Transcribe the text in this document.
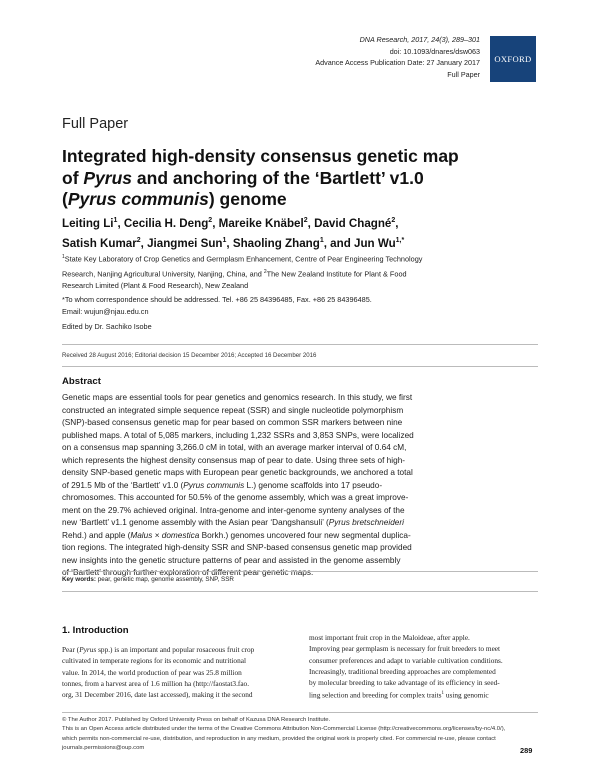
DNA Research, 2017, 24(3), 289–301
doi: 10.1093/dnares/dsw063
Advance Access Publication Date: 27 January 2017
Full Paper
OXFORD
Full Paper
Integrated high-density consensus genetic map
of Pyrus and anchoring of the ‘Bartlett’ v1.0
(Pyrus communis) genome
Leiting Li$^1$, Cecilia H. Deng$^2$, Mareike Knäbel$^2$, David Chagné$^2$,
Satish Kumar$^2$, Jiangmei Sun$^1$, Shaoling Zhang$^1$, and Jun $Wu^{1,*}$
$^1$State Key Laboratory of Crop Genetics and Germplasm Enhancement, Centre of Pear Engineering Technology
Research, Nanjing Agricultural University, Nanjing, China, and $^2$The New Zealand Institute for Plant & Food
Research Limited (Plant & Food Research), New Zealand
*To whom correspondence should be addressed. Tel. +86 25 84396485, Fax. +86 25 84396485.
Email: wujun@njau.edu.cn
Edited by Dr. Sachiko Isobe
Received 28 August 2016; Editorial decision 15 December 2016; Accepted 16 December 2016
Abstract

Genetic maps are essential tools for pear genetics and genomics research. In this study, we first

constructed an integrated simple sequence repeat (SSR) and single nucleotide polymorphism

(SNP)-based consensus genetic map for pear based on common SSR markers between nine

published maps. A total of 5,085 markers, including 1,232 SSRs and 3,853 SNPs, were localized

on a consensus map spanning 3,266.0 cM in total, with an average marker interval of 0.64 cM,

which represents the highest density consensus map of pear to date. Using three sets of high-

density SNP-based genetic maps with European pear genetic backgrounds, we anchored a total

of 291.5 Mb of the ‘Bartlett’ v1.0 (Pyrus communis L.) genome scaffolds into 17 pseudo-

chromosomes. This accounted for 50.5% of the genome assembly, which was a great improve-

ment on the 29.7% achieved original. Intra-genome and inter-genome synteny analyses of the

new ‘Bartlett’ v1.1 genome assembly with the Asian pear ‘Dangshansuli’ (Pyrus bretschneideri

Rehd.) and apple (Malus × domestica Borkh.) genomes uncovered four new segmental duplica-

tion regions. The integrated high-density SSR and SNP-based consensus genetic map provided

new insights into the genetic structure patterns of pear and assisted in the genome assembly

of ‘Bartlett’ through further exploration of different pear genetic maps.

Key words: pear, genetic map, genome assembly, SNP, SSR
1. Introduction

Pear (Pyrus spp.) is an important and popular rosaceous fruit crop

cultivated in temperate regions for its economic and nutritional

value. In 2014, the world production of pear was 25.8 million

tonnes, from a harvest area of 1.6 million ha (http://faostat3.fao.

org, 31 December 2016, date last accessed), making it the second

most important fruit crop in the Maloideae, after apple.

Improving pear germplasm is necessary for fruit breeders to meet

consumer preferences and adapt to variable cultivation conditions.

Increasingly, traditional breeding approaches are complemented

by molecular breeding to take advantage of its efficiency in seed-

ling selection and breeding for complex traits$^1$ using genomic

© The Author 2017. Published by Oxford University Press on behalf of Kazusa DNA Research Institute.

This is an Open Access article distributed under the terms of the Creative Commons Attribution Non-Commercial License (http://creativecommons.org/licenses/by-nc/4.0/),

which permits non-commercial re-use, distribution, and reproduction in any medium, provided the original work is properly cited. For commercial re-use, please contact

journals.permissions@oup.com	289
